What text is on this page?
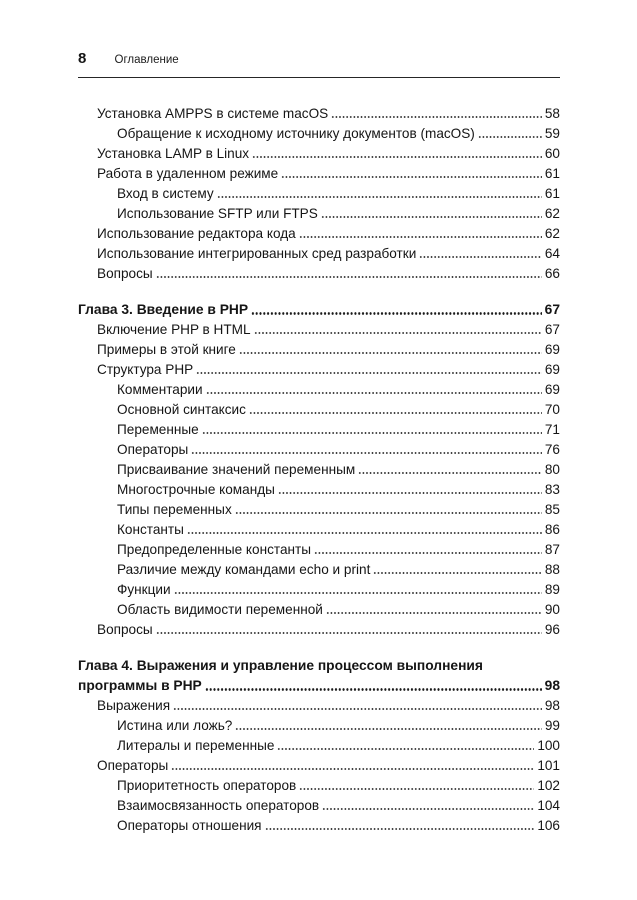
8 Оглавление
Установка AMPPS в системе macOS	58
Обращение к исходному источнику документов (macOS)	59
Установка LAMP в Linux	60
Работа в удаленном режиме	61
Вход в систему	61
Использование SFTP или FTPS	62
Использование редактора кода	62
Использование интегрированных сред разработки	64
Вопросы	66
Глава 3. Введение в PHP	67
Включение PHP в HTML	67
Примеры в этой книге	69
Структура PHP	69
Комментарии	69
Основной синтаксис	70
Переменные	71
Операторы	76
Присваивание значений переменным	80
Многострочные команды	83
Типы переменных	85
Константы	86
Предопределенные константы	87
Различие между командами echo и print	88
Функции	89
Область видимости переменной	90
Вопросы	96
Глава 4. Выражения и управление процессом выполнения
программы в PHP	98
Выражения	98
Истина или ложь?	99
Литералы и переменные	100
Операторы	101
Приоритетность операторов	102
Взаимосвязанность операторов	104
Операторы отношения	106
